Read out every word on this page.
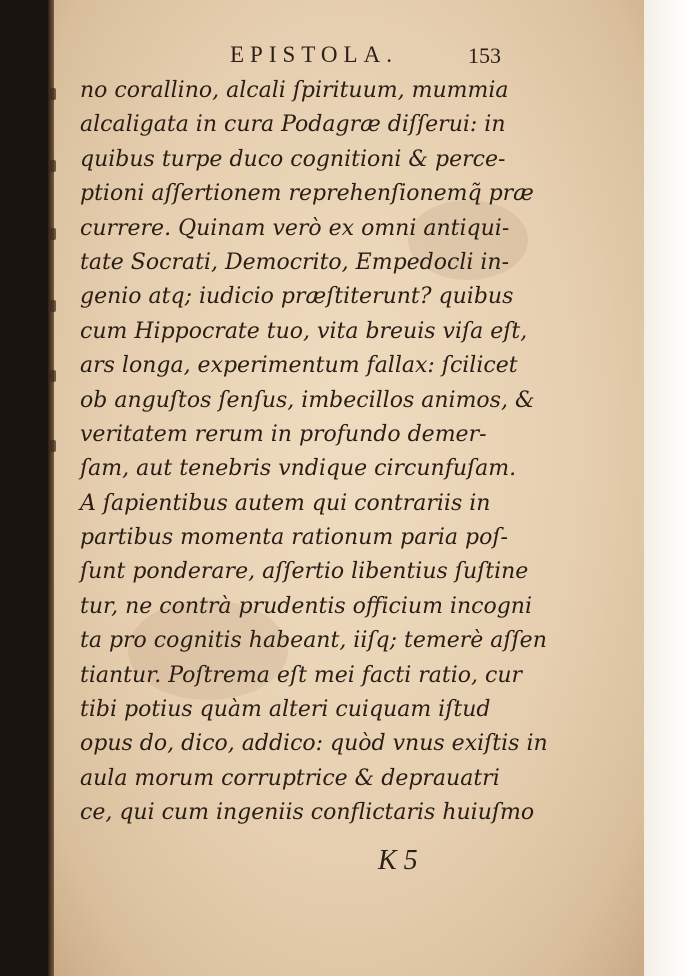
EPISTOLA.	153
no corallino, alcali ſpirituum, mummia
alcaligata in cura Podagræ diſſerui: in
quibus turpe duco cognitioni & perce-
ptioni aſſertionem reprehenſionemq̃ præ
currere. Quinam verò ex omni antiqui-
tate Socrati, Democrito, Empedocli in-
genio atq; iudicio præſtiterunt? quibus
cum Hippocrate tuo, vita breuis viſa eſt,
ars longa, experimentum fallax: ſcilicet
ob anguſtos ſenſus, imbecillos animos, &
veritatem rerum in profundo demer-
ſam, aut tenebris vndique circunfuſam.
A ſapientibus autem qui contrariis in
partibus momenta rationum paria poſ-
ſunt ponderare, aſſertio libentius ſuſtine
tur, ne contrà prudentis officium incogni
ta pro cognitis habeant, iiſq; temerè aſſen
tiantur. Poſtrema eſt mei facti ratio, cur
tibi potius quàm alteri cuiquam iſtud
opus do, dico, addico: quòd vnus exiſtis in
aula morum corruptrice & deprauatri
ce, qui cum ingeniis conflictaris huiuſmo
K 5
